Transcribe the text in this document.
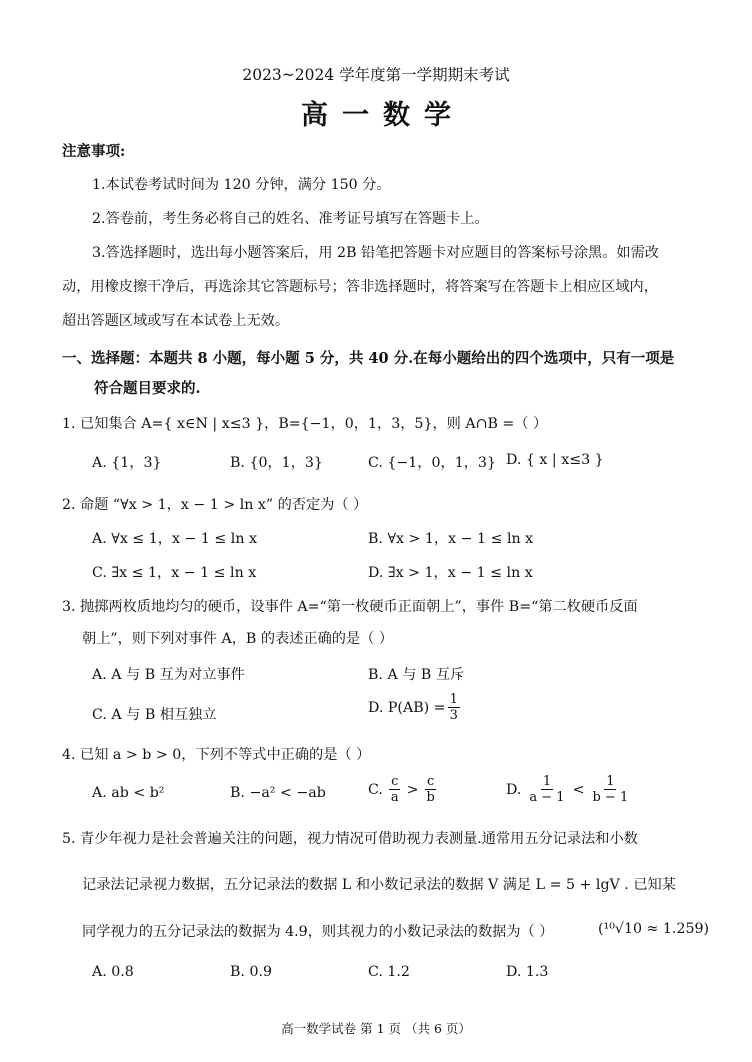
2023~2024 学年度第一学期期末考试
高一数学
注意事项:
1.本试卷考试时间为 120 分钟，满分 150 分。
2.答卷前，考生务必将自己的姓名、准考证号填写在答题卡上。
3.答选择题时，选出每小题答案后，用 2B 铅笔把答题卡对应题目的答案标号涂黑。如需改
动，用橡皮擦干净后，再选涂其它答题标号；答非选择题时，将答案写在答题卡上相应区域内，
超出答题区域或写在本试卷上无效。
一、选择题：本题共 8 小题，每小题 5 分，共 40 分.在每小题给出的四个选项中，只有一项是
符合题目要求的.
1. 已知集合 A={ x∈N | x≤3 }，B={−1，0，1，3，5}，则 A∩B =（ ）
A. {1，3}	B. {0，1，3}	C. {−1，0，1，3} D. { x | x≤3 }
2. 命题 “∀x > 1，x − 1 > ln x” 的否定为（ ）
A. ∀x ≤ 1，x − 1 ≤ ln x	B. ∀x > 1，x − 1 ≤ ln x
C. ∃x ≤ 1，x − 1 ≤ ln x	D. ∃x > 1，x − 1 ≤ ln x
3. 抛掷两枚质地均匀的硬币，设事件 A=“第一枚硬币正面朝上”，事件 B=“第二枚硬币反面
朝上”，则下列对事件 A，B 的表述正确的是（ ）
A. A 与 B 互为对立事件	B. A 与 B 互斥
C. A 与 B 相互独立	D. $P(AB) = \frac{1}{3}$
4. 已知 a > b > 0，下列不等式中正确的是（ ）
A. ab < b²	B. −a² < −ab	C. $\frac{c}{a} > \frac{c}{b}$	D. $\frac{1}{a - 1} < \frac{1}{b - 1}$
5. 青少年视力是社会普遍关注的问题，视力情况可借助视力表测量.通常用五分记录法和小数
记录法记录视力数据，五分记录法的数据 L 和小数记录法的数据 V 满足 L = 5 + lgV . 已知某
同学视力的五分记录法的数据为 4.9，则其视力的小数记录法的数据为（ ）	(¹⁰√10 ≈ 1.259)
A. 0.8	B. 0.9	C. 1.2	D. 1.3
高一数学试卷 第 1 页 （共 6 页）
